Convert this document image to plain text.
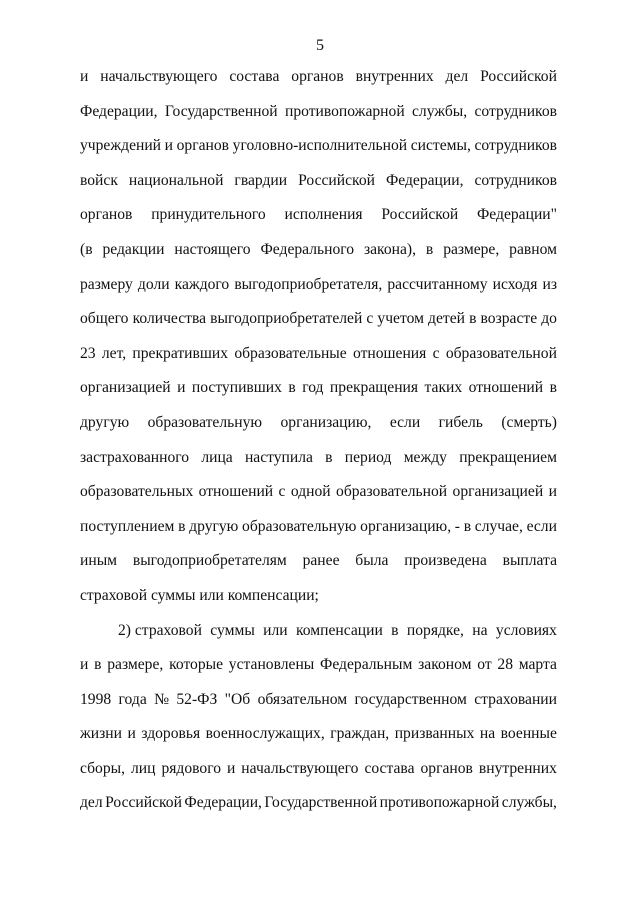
5
и начальствующего состава органов внутренних дел Российской
Федерации, Государственной противопожарной службы, сотрудников
учреждений и органов уголовно-исполнительной системы, сотрудников
войск национальной гвардии Российской Федерации, сотрудников
органов принудительного исполнения Российской Федерации"
(в редакции настоящего Федерального закона), в размере, равном
размеру доли каждого выгодоприобретателя, рассчитанному исходя из
общего количества выгодоприобретателей с учетом детей в возрасте до
23 лет, прекративших образовательные отношения с образовательной
организацией и поступивших в год прекращения таких отношений в
другую образовательную организацию, если гибель (смерть)
застрахованного лица наступила в период между прекращением
образовательных отношений с одной образовательной организацией и
поступлением в другую образовательную организацию, - в случае, если
иным выгодоприобретателям ранее была произведена выплата
страховой суммы или компенсации;
2) страховой суммы или компенсации в порядке, на условиях
и в размере, которые установлены Федеральным законом от 28 марта
1998 года № 52-ФЗ "Об обязательном государственном страховании
жизни и здоровья военнослужащих, граждан, призванных на военные
сборы, лиц рядового и начальствующего состава органов внутренних
дел Российской Федерации, Государственной противопожарной службы,
